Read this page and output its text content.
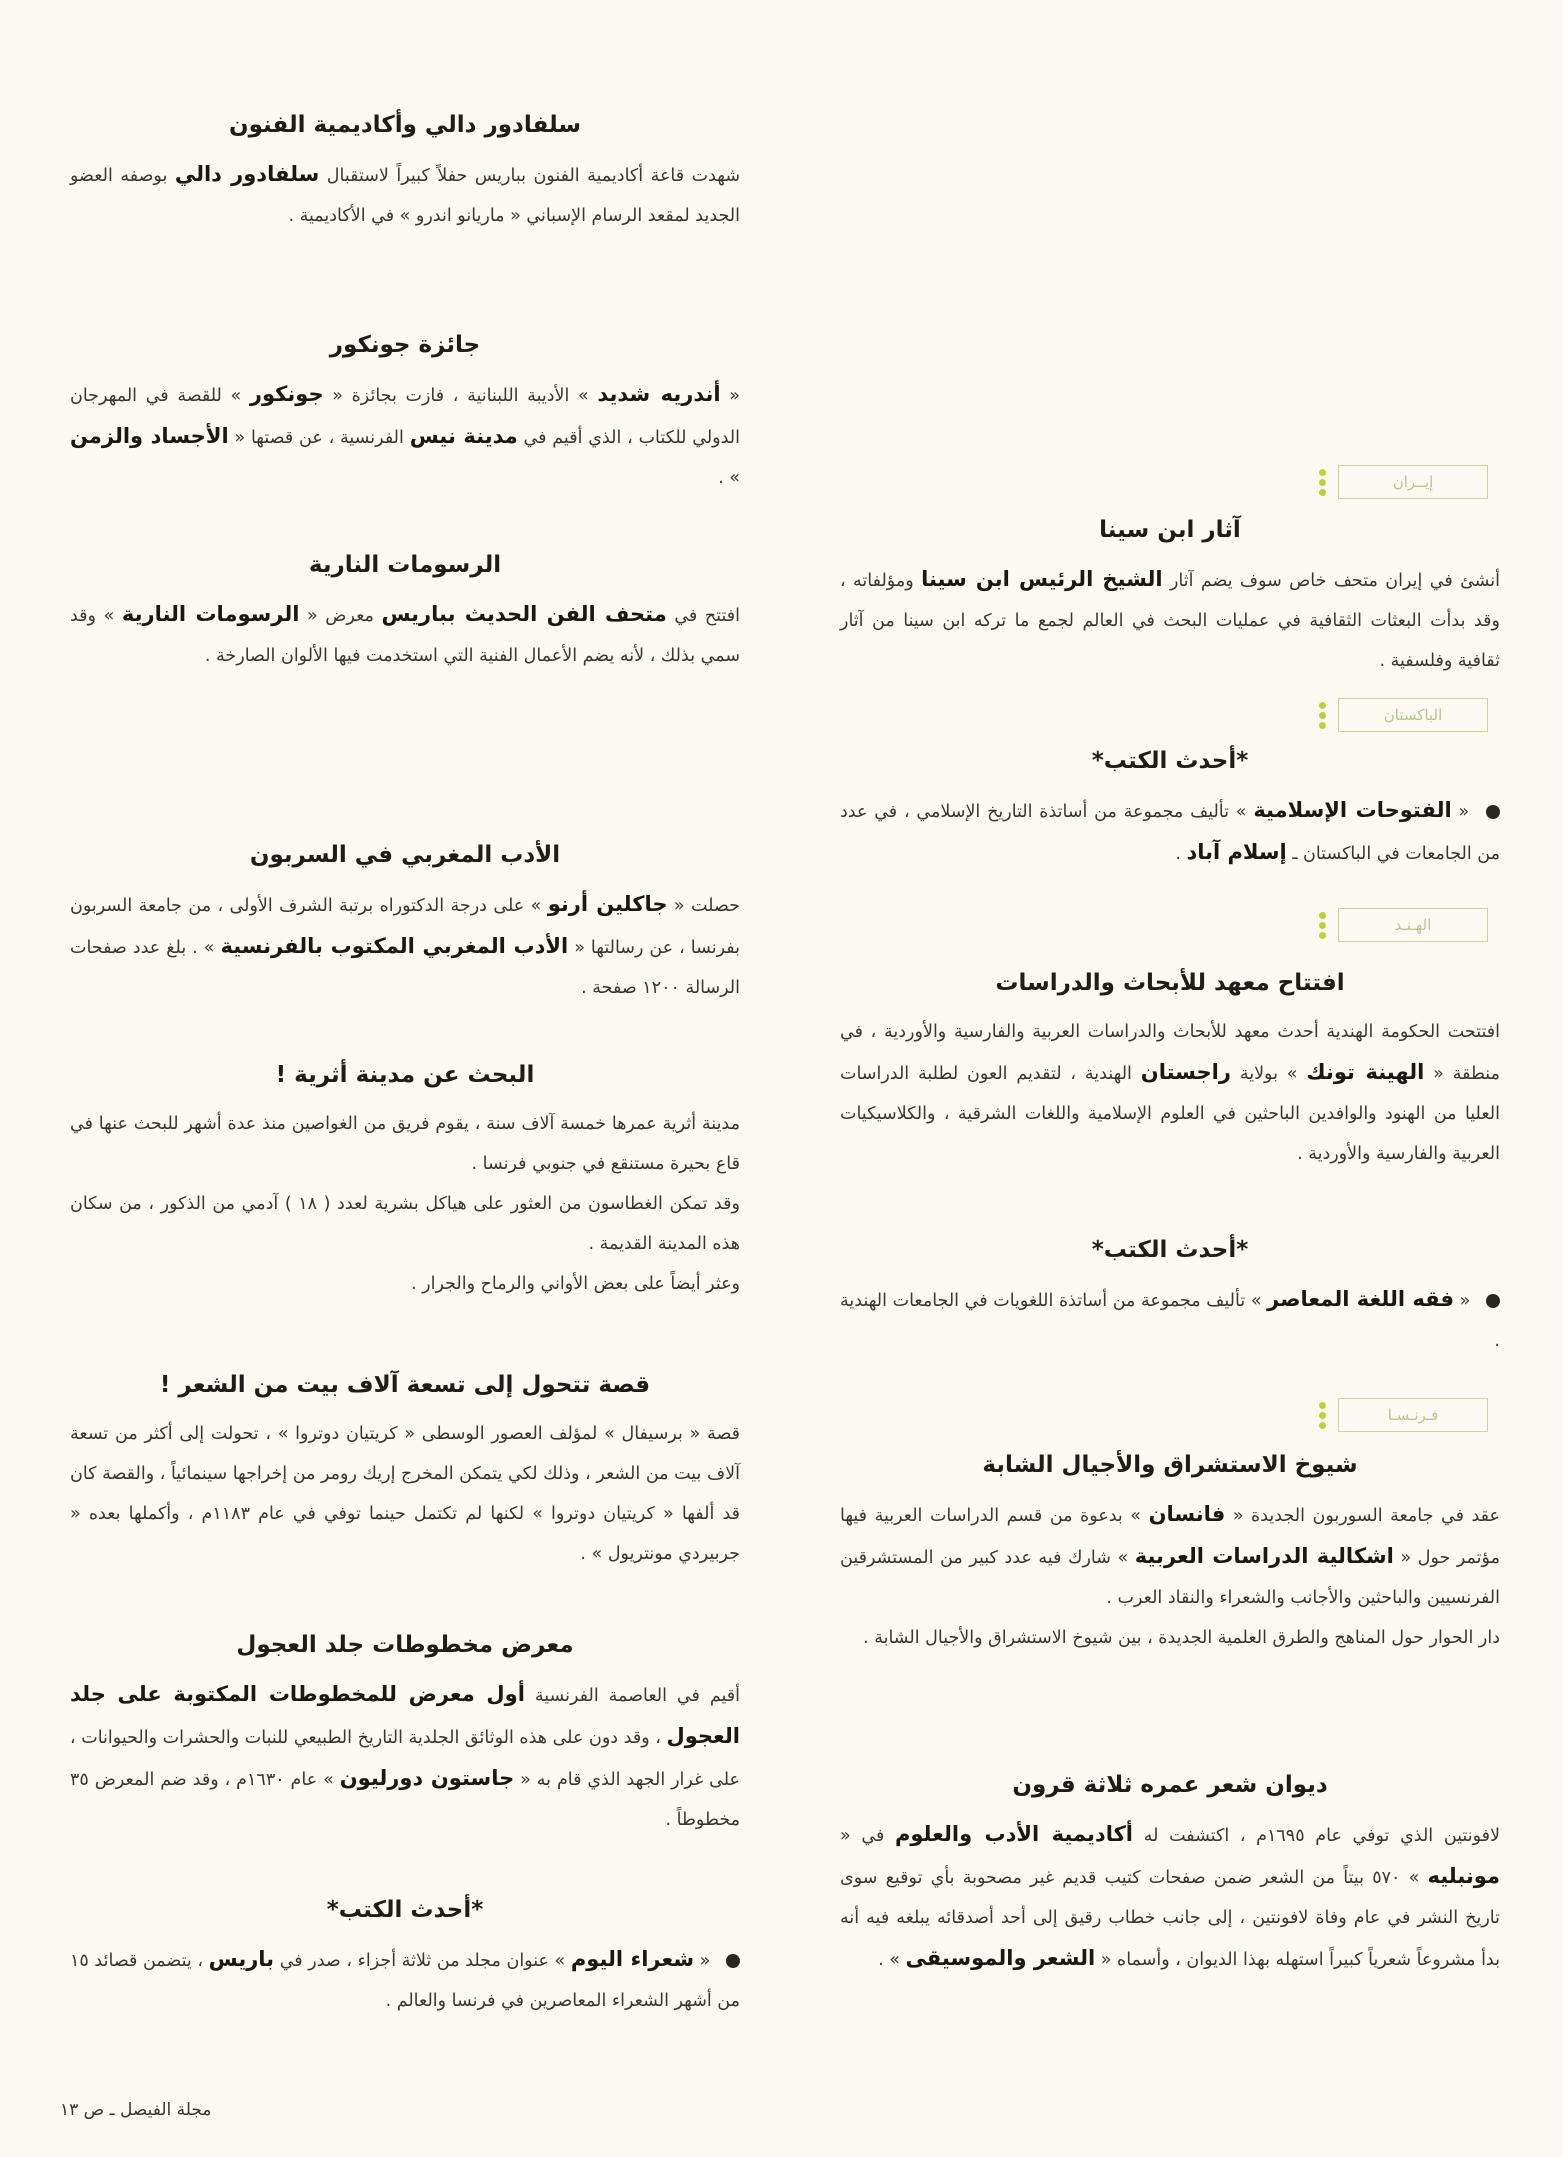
سلفادور دالي وأكاديمية الفنون

شهدت قاعة أكاديمية الفنون بباريس حفلاً كبيراً لاستقبال سلفادور دالي بوصفه العضو الجديد لمقعد الرسام الإسباني « ماريانو اندرو » في الأكاديمية .

جائزة جونكور

« أندريه شديد » الأديبة اللبنانية ، فازت بجائزة « جونكور » للقصة في المهرجان الدولي للكتاب ، الذي أقيم في مدينة نيس الفرنسية ، عن قصتها « الأجساد والزمن » .

الرسومات النارية

افتتح في متحف الفن الحديث بباريس معرض « الرسومات النارية » وقد سمي بذلك ، لأنه يضم الأعمال الفنية التي استخدمت فيها الألوان الصارخة .

الأدب المغربي في السربون

حصلت « جاكلين أرنو » على درجة الدكتوراه برتبة الشرف الأولى ، من جامعة السربون بفرنسا ، عن رسالتها « الأدب المغربي المكتوب بالفرنسية » . بلغ عدد صفحات الرسالة ١٢٠٠ صفحة .

البحث عن مدينة أثرية !

مدينة أثرية عمرها خمسة آلاف سنة ، يقوم فريق من الغواصين منذ عدة أشهر للبحث عنها في قاع بحيرة مستنقع في جنوبي فرنسا .

وقد تمكن الغطاسون من العثور على هياكل بشرية لعدد ( ١٨ ) آدمي من الذكور ، من سكان هذه المدينة القديمة .

وعثر أيضاً على بعض الأواني والرماح والجرار .

قصة تتحول إلى تسعة آلاف بيت من الشعر !

قصة « برسيفال » لمؤلف العصور الوسطى « كريتيان دوتروا » ، تحولت إلى أكثر من تسعة آلاف بيت من الشعر ، وذلك لكي يتمكن المخرج إريك رومر من إخراجها سينمائياً ، والقصة كان قد ألفها « كريتيان دوتروا » لكنها لم تكتمل حينما توفي في عام ١١٨٣م ، وأكملها بعده « جربيردي مونتريول » .

معرض مخطوطات جلد العجول

أقيم في العاصمة الفرنسية أول معرض للمخطوطات المكتوبة على جلد العجول ، وقد دون على هذه الوثائق الجلدية التاريخ الطبيعي للنبات والحشرات والحيوانات ، على غرار الجهد الذي قام به « جاستون دورليون » عام ١٦٣٠م ، وقد ضم المعرض ٣٥ مخطوطاً .

*أحدث الكتب*

« شعراء اليوم » عنوان مجلد من ثلاثة أجزاء ، صدر في باريس ، يتضمن قصائد ١٥ من أشهر الشعراء المعاصرين في فرنسا والعالم .

إيــران
آثار ابن سينا

أنشئ في إيران متحف خاص سوف يضم آثار الشيخ الرئيس ابن سينا ومؤلفاته ، وقد بدأت البعثات الثقافية في عمليات البحث في العالم لجمع ما تركه ابن سينا من آثار ثقافية وفلسفية .

الباكستان
*أحدث الكتب*

« الفتوحات الإسلامية » تأليف مجموعة من أساتذة التاريخ الإسلامي ، في عدد من الجامعات في الباكستان ـ إسلام آباد .

الهـنـد
افتتاح معهد للأبحاث والدراسات

افتتحت الحكومة الهندية أحدث معهد للأبحاث والدراسات العربية والفارسية والأوردية ، في منطقة « الهينة تونك » بولاية راجستان الهندية ، لتقديم العون لطلبة الدراسات العليا من الهنود والوافدين الباحثين في العلوم الإسلامية واللغات الشرقية ، والكلاسيكيات العربية والفارسية والأوردية .

*أحدث الكتب*

« فقه اللغة المعاصر » تأليف مجموعة من أساتذة اللغويات في الجامعات الهندية .

فـرنـسـا
شيوخ الاستشراق والأجيال الشابة

عقد في جامعة السوربون الجديدة « فانسان » بدعوة من قسم الدراسات العربية فيها مؤتمر حول « اشكالية الدراسات العربية » شارك فيه عدد كبير من المستشرقين الفرنسيين والباحثين والأجانب والشعراء والنقاد العرب .

دار الحوار حول المناهج والطرق العلمية الجديدة ، بين شيوخ الاستشراق والأجيال الشابة .

ديوان شعر عمره ثلاثة قرون

لافونتين الذي توفي عام ١٦٩٥م ، اكتشفت له أكاديمية الأدب والعلوم في « مونبليه » ٥٧٠ بيتاً من الشعر ضمن صفحات كتيب قديم غير مصحوبة بأي توقيع سوى تاريخ النشر في عام وفاة لافونتين ، إلى جانب خطاب رقيق إلى أحد أصدقائه يبلغه فيه أنه بدأ مشروعاً شعرياً كبيراً استهله بهذا الديوان ، وأسماه « الشعر والموسيقى » .

مجلة الفيصل ـ ص ١٣
